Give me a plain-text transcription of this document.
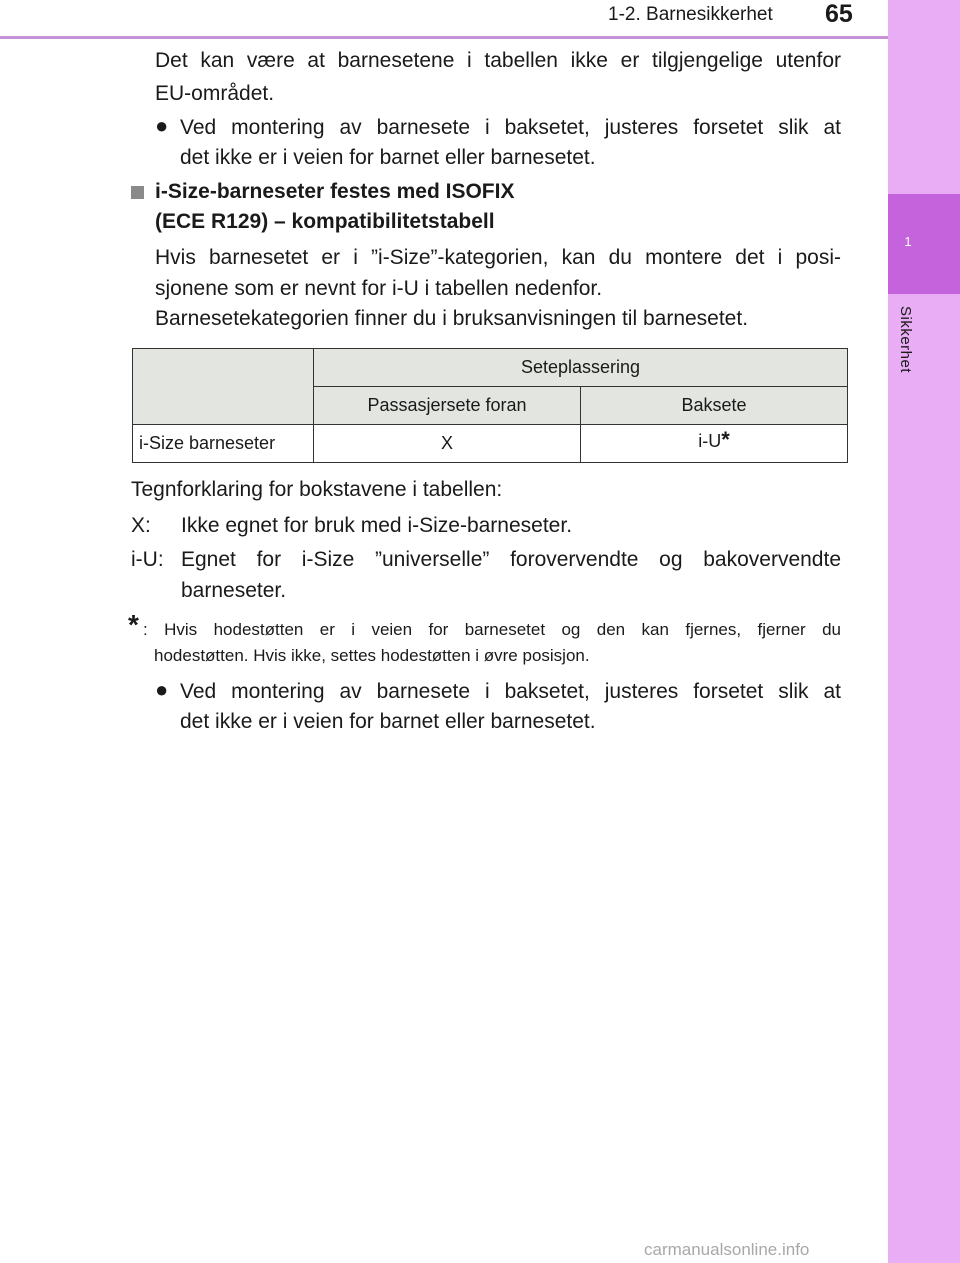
1-2. Barnesikkerhet 65
1
Sikkerhet
Det kan være at barnesetene i tabellen ikke er tilgjengelige utenfor
EU-området.
● Ved montering av barnesete i baksetet, justeres forsetet slik at
det ikke er i veien for barnet eller barnesetet.
i-Size-barneseter festes med ISOFIX
(ECE R129) – kompatibilitetstabell
Hvis barnesetet er i ”i-Size”-kategorien, kan du montere det i posi-
sjonene som er nevnt for i-U i tabellen nedenfor.
Barnesetekategorien finner du i bruksanvisningen til barnesetet.
	Seteplassering	
	Passasjersete foran	Baksete
i-Size barneseter	X	i-U*
Tegnforklaring for bokstavene i tabellen:
X: Ikke egnet for bruk med i-Size-barneseter.
i-U: Egnet for i-Size ”universelle” forovervendte og bakovervendte
barneseter.
* : Hvis hodestøtten er i veien for barnesetet og den kan fjernes, fjerner du
hodestøtten. Hvis ikke, settes hodestøtten i øvre posisjon.
● Ved montering av barnesete i baksetet, justeres forsetet slik at
det ikke er i veien for barnet eller barnesetet.
carmanualsonline.info
